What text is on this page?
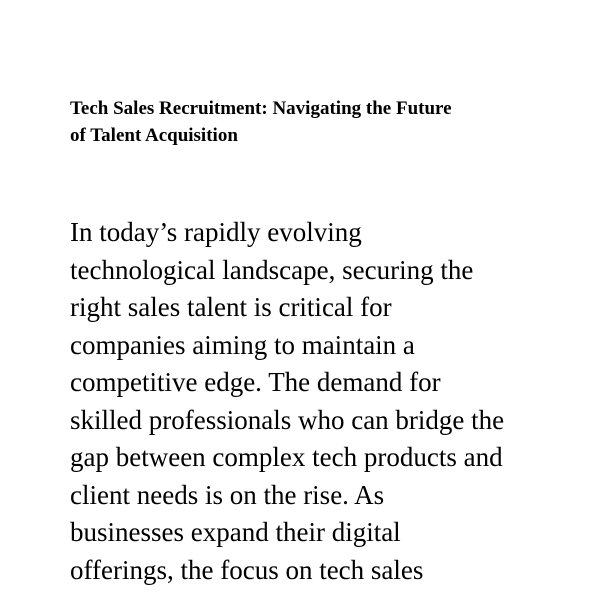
Tech Sales Recruitment: Navigating the Future
of Talent Acquisition

In today’s rapidly evolving
technological landscape, securing the
right sales talent is critical for
companies aiming to maintain a
competitive edge. The demand for
skilled professionals who can bridge the
gap between complex tech products and
client needs is on the rise. As
businesses expand their digital
offerings, the focus on tech sales
